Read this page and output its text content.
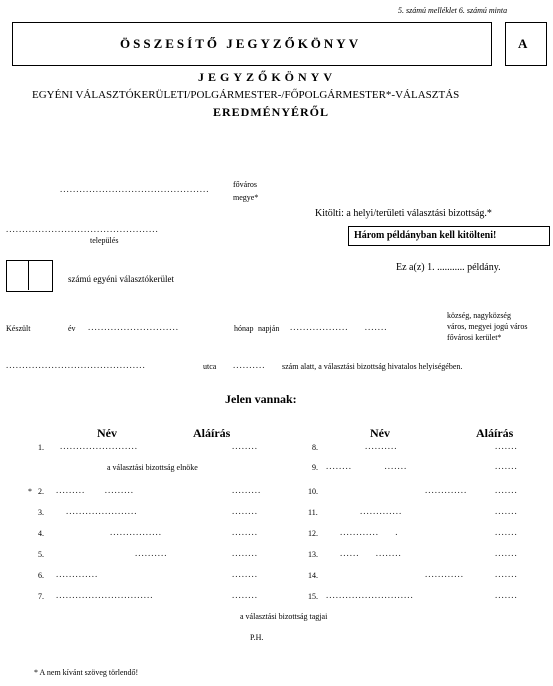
5. számú melléklet 6. számú minta
ÖSSZESÍTŐ JEGYZŐKÖNYV	A
JEGYZŐKÖNYV
EGYÉNI VÁLASZTÓKERÜLETI/POLGÁRMESTER-/FŐPOLGÁRMESTER*-VÁLASZTÁS
EREDMÉNYÉRŐL
..............................................	főváros
megye*
Kitölti: a helyi/területi választási bizottság.*
...............................................
település	Három példányban kell kitölteni!
számú egyéni választókerület
Ez a(z) 1. ........... példány.
Készült	év ............................	hónap napján ..................     .......
község, nagyközség
város, megyei jogú város
fővárosi kerület*
...........................................	utca .......... szám alatt, a választási bizottság hivatalos helyiségében.
Jelen vannak:
Név	Aláírás	Név	Aláírás
1. ........................	........
a választási bizottság elnöke
* 2. .........      .........	.........
3. ......................	........
4.	................	........
5.	..........	........
6. .............	........
7. ..............................	........
8.	..........	.......
9. ........          .......	.......
10.	.............	.......
11.	.............	.......
12. ............     .	.......
13. ......     ........	.......
14.	............	.......
15. ...........................	.......
a választási bizottság tagjai
P.H.
* A nem kívánt szöveg törlendő!
